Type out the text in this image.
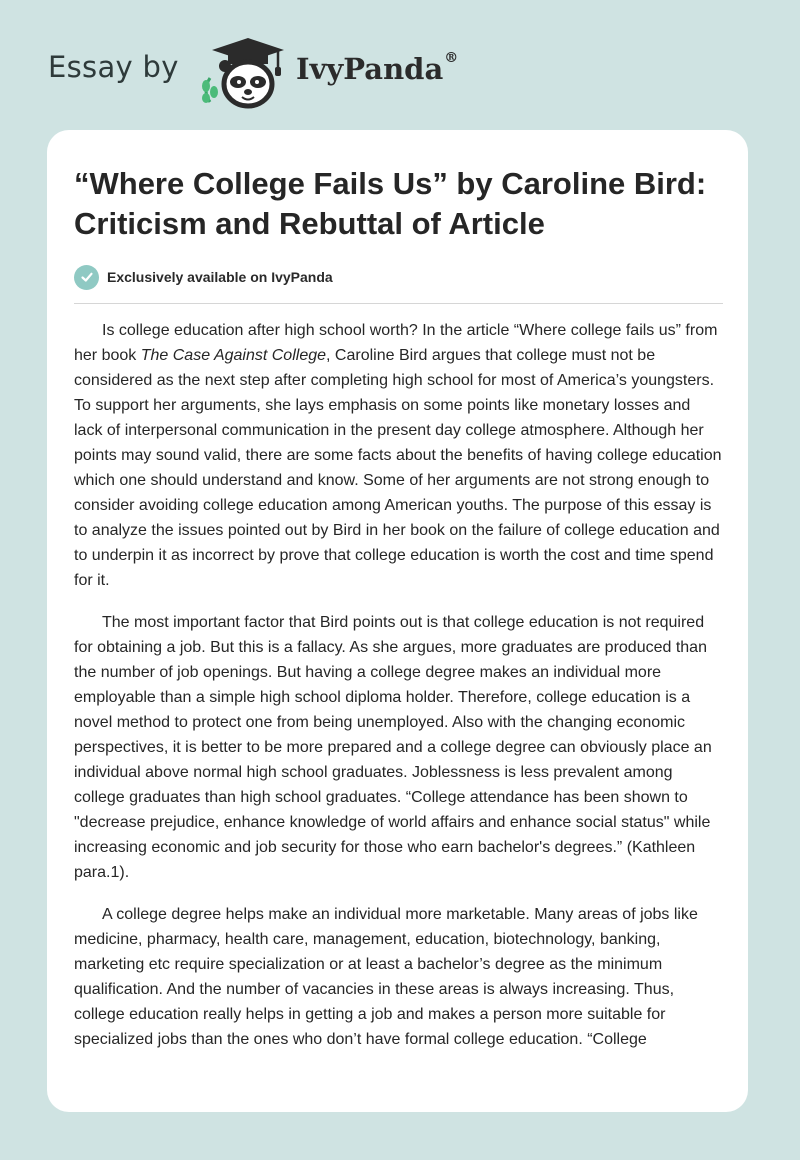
Essay by	IvyPanda®
“Where College Fails Us” by Caroline Bird: Criticism and Rebuttal of Article
Exclusively available on IvyPanda

Is college education after high school worth? In the article “Where college fails us” from her book The Case Against College, Caroline Bird argues that college must not be considered as the next step after completing high school for most of America’s youngsters. To support her arguments, she lays emphasis on some points like monetary losses and lack of interpersonal communication in the present day college atmosphere. Although her points may sound valid, there are some facts about the benefits of having college education which one should understand and know. Some of her arguments are not strong enough to consider avoiding college education among American youths. The purpose of this essay is to analyze the issues pointed out by Bird in her book on the failure of college education and to underpin it as incorrect by prove that college education is worth the cost and time spend for it.

The most important factor that Bird points out is that college education is not required for obtaining a job. But this is a fallacy. As she argues, more graduates are produced than the number of job openings. But having a college degree makes an individual more employable than a simple high school diploma holder. Therefore, college education is a novel method to protect one from being unemployed. Also with the changing economic perspectives, it is better to be more prepared and a college degree can obviously place an individual above normal high school graduates. Joblessness is less prevalent among college graduates than high school graduates. “College attendance has been shown to "decrease prejudice, enhance knowledge of world affairs and enhance social status" while increasing economic and job security for those who earn bachelor's degrees.” (Kathleen para.1).

A college degree helps make an individual more marketable. Many areas of jobs like medicine, pharmacy, health care, management, education, biotechnology, banking, marketing etc require specialization or at least a bachelor’s degree as the minimum qualification. And the number of vacancies in these areas is always increasing. Thus, college education really helps in getting a job and makes a person more suitable for specialized jobs than the ones who don’t have formal college education. “College
